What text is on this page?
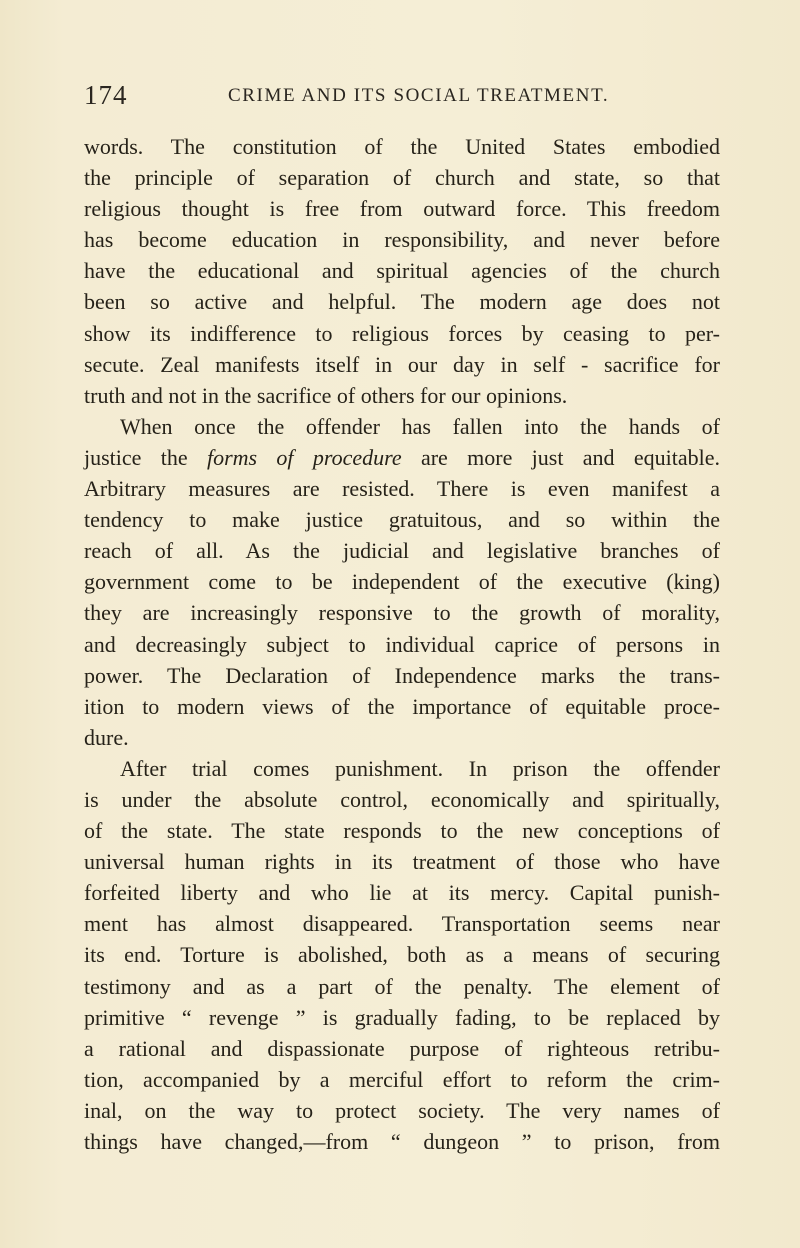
174	CRIME AND ITS SOCIAL TREATMENT.
words. The constitution of the United States embodied
the principle of separation of church and state, so that
religious thought is free from outward force. This freedom
has become education in responsibility, and never before
have the educational and spiritual agencies of the church
been so active and helpful. The modern age does not
show its indifference to religious forces by ceasing to per-
secute. Zeal manifests itself in our day in self - sacrifice for
truth and not in the sacrifice of others for our opinions.
When once the offender has fallen into the hands of
justice the forms of procedure are more just and equitable.
Arbitrary measures are resisted. There is even manifest a
tendency to make justice gratuitous, and so within the
reach of all. As the judicial and legislative branches of
government come to be independent of the executive (king)
they are increasingly responsive to the growth of morality,
and decreasingly subject to individual caprice of persons in
power. The Declaration of Independence marks the trans-
ition to modern views of the importance of equitable proce-
dure.
After trial comes punishment. In prison the offender
is under the absolute control, economically and spiritually,
of the state. The state responds to the new conceptions of
universal human rights in its treatment of those who have
forfeited liberty and who lie at its mercy. Capital punish-
ment has almost disappeared. Transportation seems near
its end. Torture is abolished, both as a means of securing
testimony and as a part of the penalty. The element of
primitive “ revenge ” is gradually fading, to be replaced by
a rational and dispassionate purpose of righteous retribu-
tion, accompanied by a merciful effort to reform the crim-
inal, on the way to protect society. The very names of
things have changed,—from “ dungeon ” to prison, from
